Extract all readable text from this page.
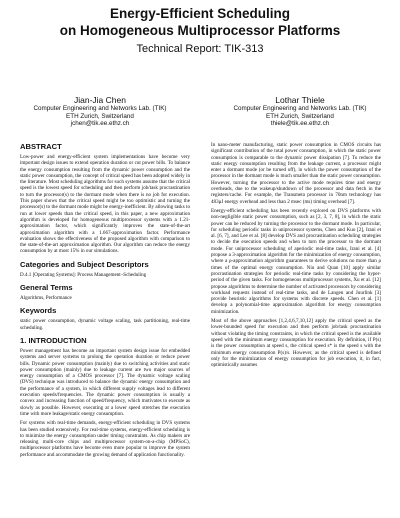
Energy-Efficient Scheduling
on Homogeneous Multiprocessor Platforms
Technical Report: TIK-313
Jian-Jia Chen
Computer Engineering and Networks Lab. (TIK)
ETH Zurich, Switzerland
jchen@tik.ee.ethz.ch
Lothar Thiele
Computer Engineering and Networks Lab. (TIK)
ETH Zurich, Switzerland
thiele@tik.ee.ethz.ch
ABSTRACT

Low-power and energy-efficient system implementations have become very important design issues to extend operation duration or cut power bills. To balance the energy consumption resulting from the dynamic power consumption and the static power consumption, the concept of critical speed has been adopted widely in the literature. Most scheduling algorithms for such systems assume that the critical speed is the lowest speed for scheduling and then perform job/task procrastination to turn the processor(s) to the dormant mode when there is no job for execution. This paper shows that the critical speed might be too optimistic and turning the processor(s) to the dormant mode might be energy-inefficient. By allowing tasks to run at lower speeds than the critical speed, in this paper, a new approximation algorithm is developed for homogeneous multiprocessor systems with a 1.21-approximation factor, which significantly improves the state-of-the-art approximation algorithm with a 1.667-approximation factor. Performance evaluation shows the effectiveness of the proposed algorithm with comparison to the state-of-the-art approximation algorithm. Our algorithm can reduce the energy consumption by at most 15% in our simulations.

Categories and Subject Descriptors

D.4.1 [Operating Systems]: Process Management–Scheduling

General Terms

Algorithms, Performance

Keywords

static power consumption, dynamic voltage scaling, task partitioning, real-time scheduling.

1. INTRODUCTION

Power management has become an important system design issue for embedded systems and server systems to prolong the operation duration or reduce power bills. Dynamic power consumption (mainly) due to switching activities and static power consumption (mainly) due to leakage current are two major sources of energy consumption of a CMOS processor [7]. The dynamic voltage scaling (DVS) technique was introduced to balance the dynamic energy consumption and the performance of a system, in which different supply voltages lead to different execution speeds/frequencies. The dynamic power consumption is usually a convex and increasing function of speed/frequency, which motivates to execute as slowly as possible. However, executing at a lower speed stretches the execution time with more leakage/static energy consumption.

For systems with real-time demands, energy-efficient scheduling in DVS systems has been studied extensively. For real-time systems, energy-efficient scheduling is to minimize the energy consumption under timing constraints. As chip makers are releasing multi-core chips and multiprocessor system-on-a-chip (MPSoC), multiprocessor platforms have become even more popular to improve the system performance and accommodate the growing demand of application functionality.

In nano-meter manufacturing, static power consumption in CMOS circuits has significant contribution of the total power consumption, in which the static power consumption is comparable to the dynamic power dissipation [7]. To reduce the static energy consumption resulting from the leakage current, a processor might enter a dormant mode (or be turned off), in which the power consumption of the processor in the dormant mode is much smaller than the static power consumption. However, turning the processor to the active mode requires time and energy overheads, due to the wakeup/shutdown of the processor and data fetch in the registers/cache. For example, the Transmeta processor in 70nm technology has 483μJ energy overhead and less than 2 msec (ms) timing overhead [7].

Energy-efficient scheduling has been recently explored on DVS platforms with non-negligible static power consumption, such as [2, 3, 7, 8], in which the static power can be reduced by turning the processor to the dormant mode. In particular, for scheduling periodic tasks in uniprocessor systems, Chen and Kuo [2], Irani et al. [6, 7], and Lee et al. [8] develop DVS and procrastination scheduling strategies to decide the execution speeds and when to turn the processor to the dormant mode. For uniprocessor scheduling of aperiodic real-time tasks, Irani et al. [4] propose a 3-approximation algorithm for the minimization of energy consumption, where a ρ-approximation algorithm guarantees to derive solutions no more than ρ times of the optimal energy consumption. Niu and Quan [10] apply similar procrastination strategies for periodic real-time tasks by considering the hyper-period of the given tasks. For homogeneous multiprocessor systems, Xu et al. [12] propose algorithms to determine the number of activated processors by considering workload requests instead of real-time tasks, and de Langen and Juurlink [3] provide heuristic algorithms for systems with discrete speeds. Chen et al. [1] develop a polynomial-time approximation algorithm for energy consumption minimization.

Most of the above approaches [1,2,4,6,7,10,12] apply the critical speed as the lower-bounded speed for execution and then perform job/task procrastination without violating the timing constraints, in which the critical speed is the available speed with the minimum energy consumption for execution. By definition, if P(s) is the power consumption at speed s, the critical speed s* is the speed s with the minimum energy consumption P(s)/s. However, as the critical speed is defined only for the minimization of energy consumption for job execution, it, in fact, optimistically assumes
